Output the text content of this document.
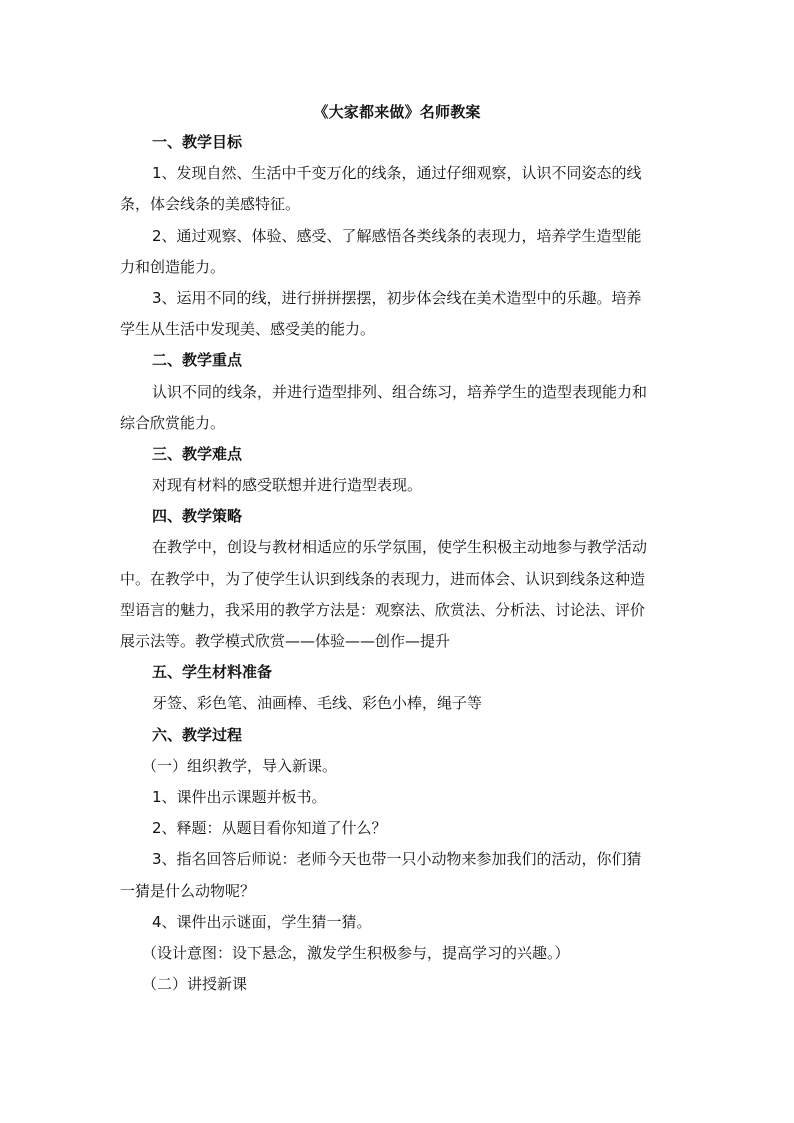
《大家都来做》名师教案
一、教学目标
1、发现自然、生活中千变万化的线条，通过仔细观察，认识不同姿态的线
条，体会线条的美感特征。
2、通过观察、体验、感受、了解感悟各类线条的表现力，培养学生造型能
力和创造能力。
3、运用不同的线，进行拼拼摆摆，初步体会线在美术造型中的乐趣。培养
学生从生活中发现美、感受美的能力。
二、教学重点
认识不同的线条，并进行造型排列、组合练习，培养学生的造型表现能力和
综合欣赏能力。
三、教学难点
对现有材料的感受联想并进行造型表现。
四、教学策略
在教学中，创设与教材相适应的乐学氛围，使学生积极主动地参与教学活动
中。在教学中，为了使学生认识到线条的表现力，进而体会、认识到线条这种造
型语言的魅力，我采用的教学方法是：观察法、欣赏法、分析法、讨论法、评价
展示法等。教学模式欣赏——体验——创作—提升
五、学生材料准备
牙签、彩色笔、油画棒、毛线、彩色小棒，绳子等
六、教学过程
（一）组织教学，导入新课。
1、课件出示课题并板书。
2、释题：从题目看你知道了什么？
3、指名回答后师说：老师今天也带一只小动物来参加我们的活动，你们猜
一猜是什么动物呢？
4、课件出示谜面，学生猜一猜。
（设计意图：设下悬念，激发学生积极参与，提高学习的兴趣。）
（二）讲授新课
